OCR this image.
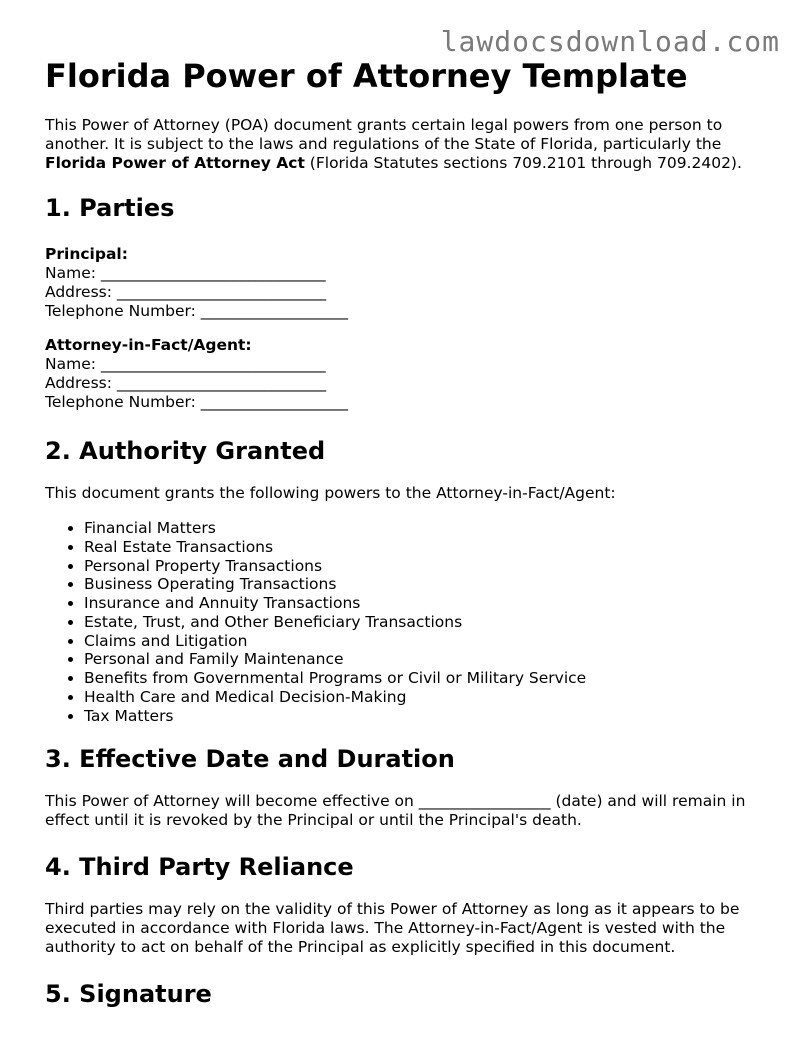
lawdocsdownload.com
Florida Power of Attorney Template

This Power of Attorney (POA) document grants certain legal powers from one person to another. It is subject to the laws and regulations of the State of Florida, particularly the Florida Power of Attorney Act (Florida Statutes sections 709.2101 through 709.2402).

1. Parties
Principal:
Name: _____________________________
Address: ___________________________
Telephone Number: ___________________
Attorney-in-Fact/Agent:
Name: _____________________________
Address: ___________________________
Telephone Number: ___________________
2. Authority Granted

This document grants the following powers to the Attorney-in-Fact/Agent:

• Financial Matters
• Real Estate Transactions
• Personal Property Transactions
• Business Operating Transactions
• Insurance and Annuity Transactions
• Estate, Trust, and Other Beneficiary Transactions
• Claims and Litigation
• Personal and Family Maintenance
• Benefits from Governmental Programs or Civil or Military Service
• Health Care and Medical Decision-Making
• Tax Matters
3. Effective Date and Duration

This Power of Attorney will become effective on _________________ (date) and will remain in effect until it is revoked by the Principal or until the Principal's death.

4. Third Party Reliance

Third parties may rely on the validity of this Power of Attorney as long as it appears to be executed in accordance with Florida laws. The Attorney-in-Fact/Agent is vested with the authority to act on behalf of the Principal as explicitly specified in this document.

5. Signature
